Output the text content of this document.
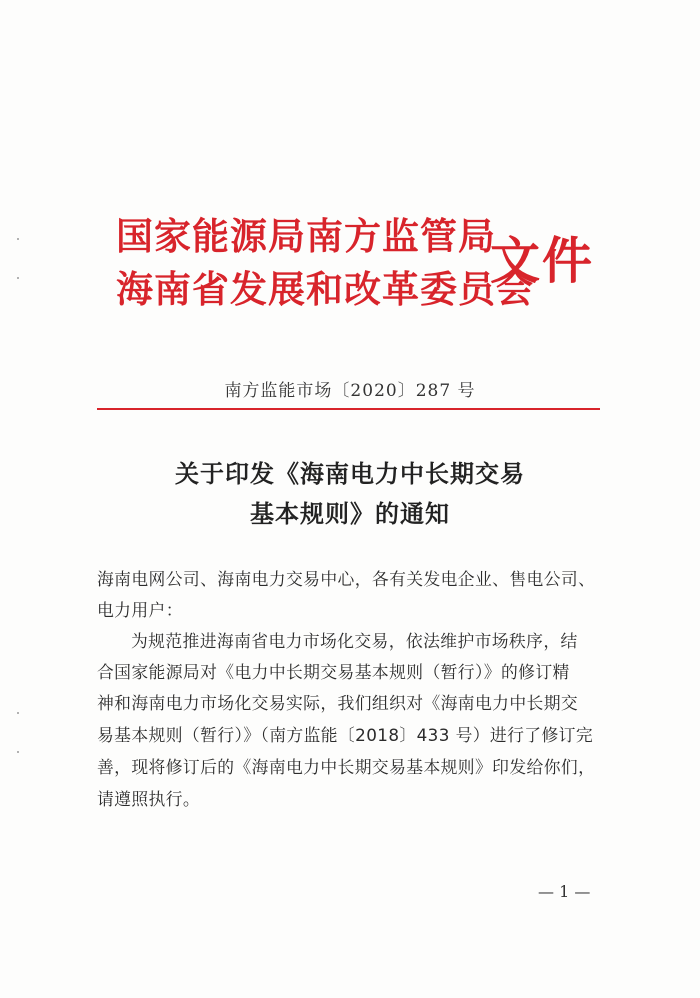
国家能源局南方监管局
海南省发展和改革委员会
文件
南方监能市场〔2020〕287 号
关于印发《海南电力中长期交易
基本规则》的通知
海南电网公司、海南电力交易中心，各有关发电企业、售电公司、
电力用户：
为规范推进海南省电力市场化交易，依法维护市场秩序，结
合国家能源局对《电力中长期交易基本规则（暂行）》的修订精
神和海南电力市场化交易实际，我们组织对《海南电力中长期交
易基本规则（暂行）》（南方监能〔2018〕433 号）进行了修订完
善，现将修订后的《海南电力中长期交易基本规则》印发给你们，
请遵照执行。
— 1 —
